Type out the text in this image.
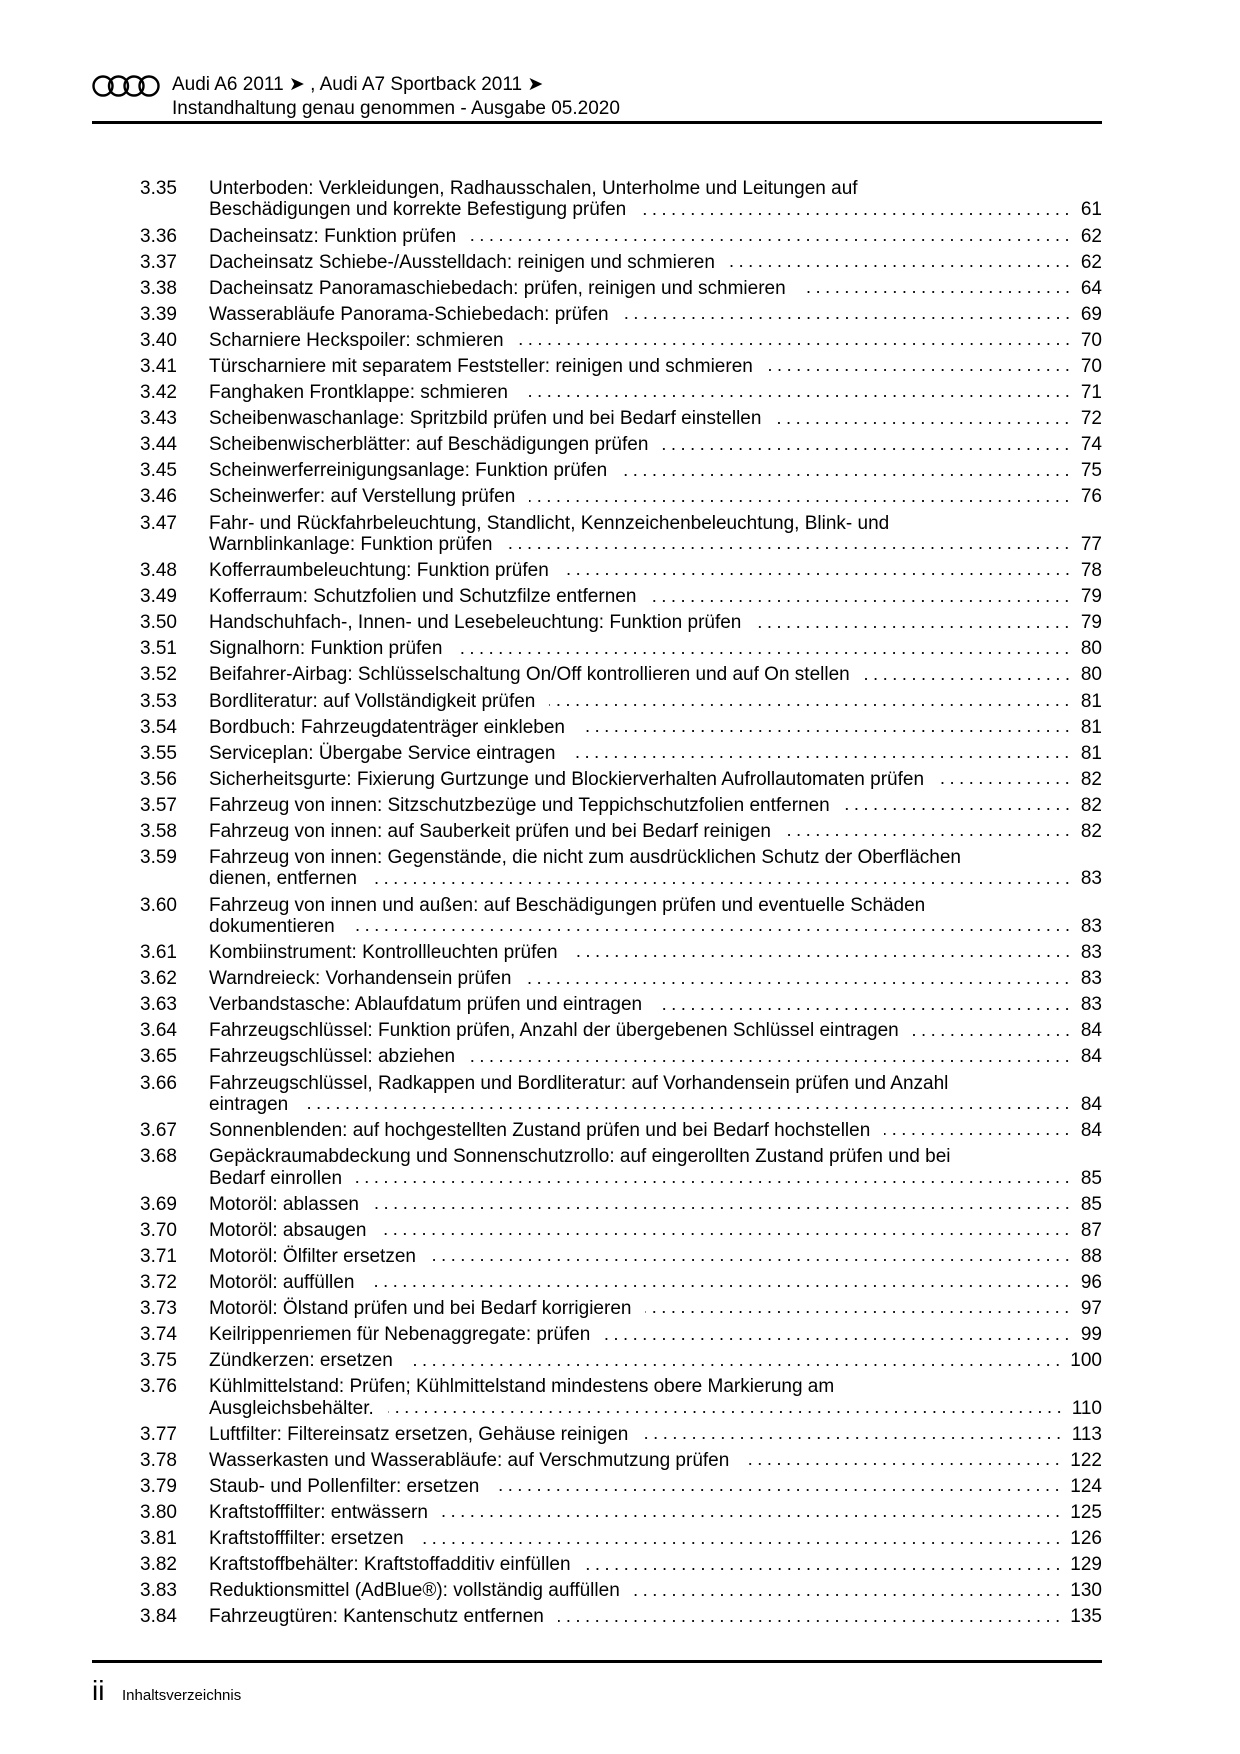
Audi A6 2011 ➤ , Audi A7 Sportback 2011 ➤
Instandhaltung genau genommen - Ausgabe 05.2020
3.35	Unterboden: Verkleidungen, Radhausschalen, Unterholme und Leitungen auf
Beschädigungen und korrekte Befestigung prüfen	61
3.36	Dacheinsatz: Funktion prüfen	62
3.37	Dacheinsatz Schiebe-/Ausstelldach: reinigen und schmieren	62
3.38	Dacheinsatz Panoramaschiebedach: prüfen, reinigen und schmieren	64
3.39	Wasserabläufe Panorama-Schiebedach: prüfen	69
3.40	Scharniere Heckspoiler: schmieren	70
3.41	Türscharniere mit separatem Feststeller: reinigen und schmieren	70
3.42	Fanghaken Frontklappe: schmieren	71
3.43	Scheibenwaschanlage: Spritzbild prüfen und bei Bedarf einstellen	72
3.44	Scheibenwischerblätter: auf Beschädigungen prüfen	74
3.45	Scheinwerferreinigungsanlage: Funktion prüfen	75
3.46	Scheinwerfer: auf Verstellung prüfen	76
3.47	Fahr- und Rückfahrbeleuchtung, Standlicht, Kennzeichenbeleuchtung, Blink- und
Warnblinkanlage: Funktion prüfen	77
3.48	Kofferraumbeleuchtung: Funktion prüfen	78
3.49	Kofferraum: Schutzfolien und Schutzfilze entfernen	79
3.50	Handschuhfach-, Innen- und Lesebeleuchtung: Funktion prüfen	79
3.51	Signalhorn: Funktion prüfen	80
3.52	Beifahrer-Airbag: Schlüsselschaltung On/Off kontrollieren und auf On stellen	80
3.53	Bordliteratur: auf Vollständigkeit prüfen	81
3.54	Bordbuch: Fahrzeugdatenträger einkleben	81
3.55	Serviceplan: Übergabe Service eintragen	81
3.56	Sicherheitsgurte: Fixierung Gurtzunge und Blockierverhalten Aufrollautomaten prüfen	82
3.57	Fahrzeug von innen: Sitzschutzbezüge und Teppichschutzfolien entfernen	82
3.58	Fahrzeug von innen: auf Sauberkeit prüfen und bei Bedarf reinigen	82
3.59	Fahrzeug von innen: Gegenstände, die nicht zum ausdrücklichen Schutz der Oberflächen
dienen, entfernen	83
3.60	Fahrzeug von innen und außen: auf Beschädigungen prüfen und eventuelle Schäden
dokumentieren	83
3.61	Kombiinstrument: Kontrollleuchten prüfen	83
3.62	Warndreieck: Vorhandensein prüfen	83
3.63	Verbandstasche: Ablaufdatum prüfen und eintragen	83
3.64	Fahrzeugschlüssel: Funktion prüfen, Anzahl der übergebenen Schlüssel eintragen	84
3.65	Fahrzeugschlüssel: abziehen	84
3.66	Fahrzeugschlüssel, Radkappen und Bordliteratur: auf Vorhandensein prüfen und Anzahl
eintragen	84
3.67	Sonnenblenden: auf hochgestellten Zustand prüfen und bei Bedarf hochstellen	84
3.68	Gepäckraumabdeckung und Sonnenschutzrollo: auf eingerollten Zustand prüfen und bei
Bedarf einrollen	85
3.69	Motoröl: ablassen	85
3.70	Motoröl: absaugen	87
3.71	Motoröl: Ölfilter ersetzen	88
3.72	Motoröl: auffüllen	96
3.73	Motoröl: Ölstand prüfen und bei Bedarf korrigieren	97
3.74	Keilrippenriemen für Nebenaggregate: prüfen	99
3.75	Zündkerzen: ersetzen	100
3.76	Kühlmittelstand: Prüfen; Kühlmittelstand mindestens obere Markierung am
Ausgleichsbehälter.	110
3.77	Luftfilter: Filtereinsatz ersetzen, Gehäuse reinigen	113
3.78	Wasserkasten und Wasserabläufe: auf Verschmutzung prüfen	122
3.79	Staub- und Pollenfilter: ersetzen	124
3.80	Kraftstofffilter: entwässern	125
3.81	Kraftstofffilter: ersetzen	126
3.82	Kraftstoffbehälter: Kraftstoffadditiv einfüllen	129
3.83	Reduktionsmittel (AdBlue®): vollständig auffüllen	130
3.84	Fahrzeugtüren: Kantenschutz entfernen	135
ii Inhaltsverzeichnis
